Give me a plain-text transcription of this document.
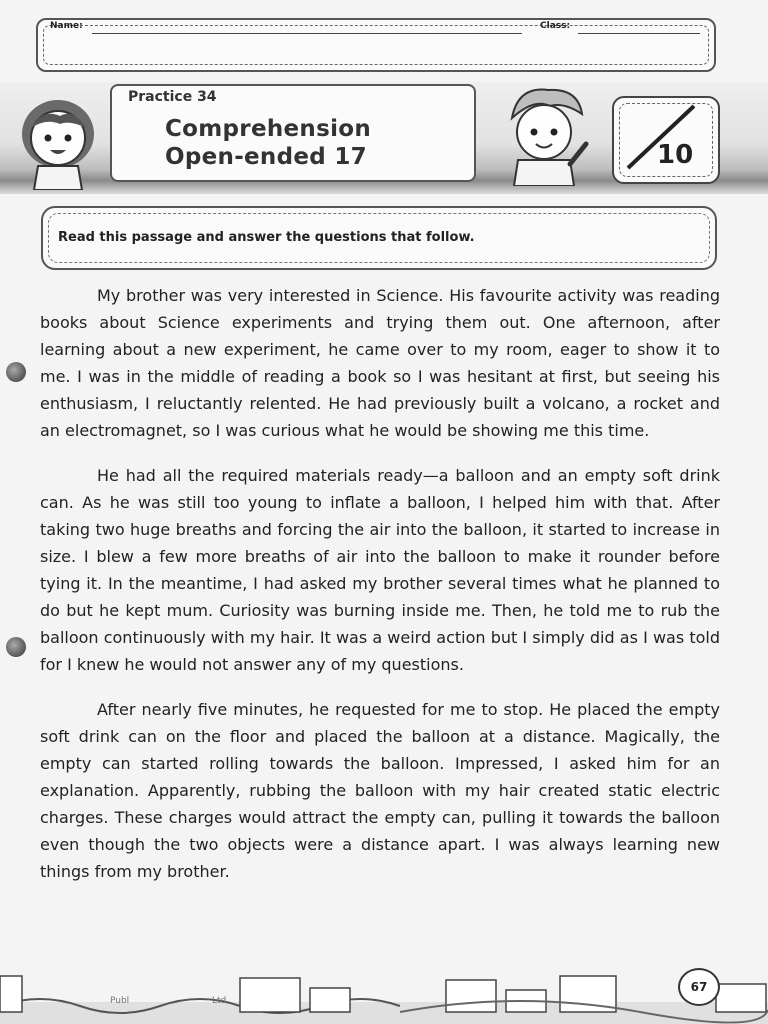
Name:	Class:
Practice 34
Comprehension
Open-ended 17	10
Read this passage and answer the questions that follow.

My brother was very interested in Science. His favourite activity was reading books about Science experiments and trying them out. One afternoon, after learning about a new experiment, he came over to my room, eager to show it to me. I was in the middle of reading a book so I was hesitant at first, but seeing his enthusiasm, I reluctantly relented. He had previously built a volcano, a rocket and an electromagnet, so I was curious what he would be showing me this time.

He had all the required materials ready—a balloon and an empty soft drink can. As he was still too young to inflate a balloon, I helped him with that. After taking two huge breaths and forcing the air into the balloon, it started to increase in size. I blew a few more breaths of air into the balloon to make it rounder before tying it. In the meantime, I had asked my brother several times what he planned to do but he kept mum. Curiosity was burning inside me. Then, he told me to rub the balloon continuously with my hair. It was a weird action but I simply did as I was told for I knew he would not answer any of my questions.

After nearly five minutes, he requested for me to stop. He placed the empty soft drink can on the floor and placed the balloon at a distance. Magically, the empty can started rolling towards the balloon. Impressed, I asked him for an explanation. Apparently, rubbing the balloon with my hair created static electric charges. These charges would attract the empty can, pulling it towards the balloon even though the two objects were a distance apart. I was always learning new things from my brother.

Publ	Ltd
67
